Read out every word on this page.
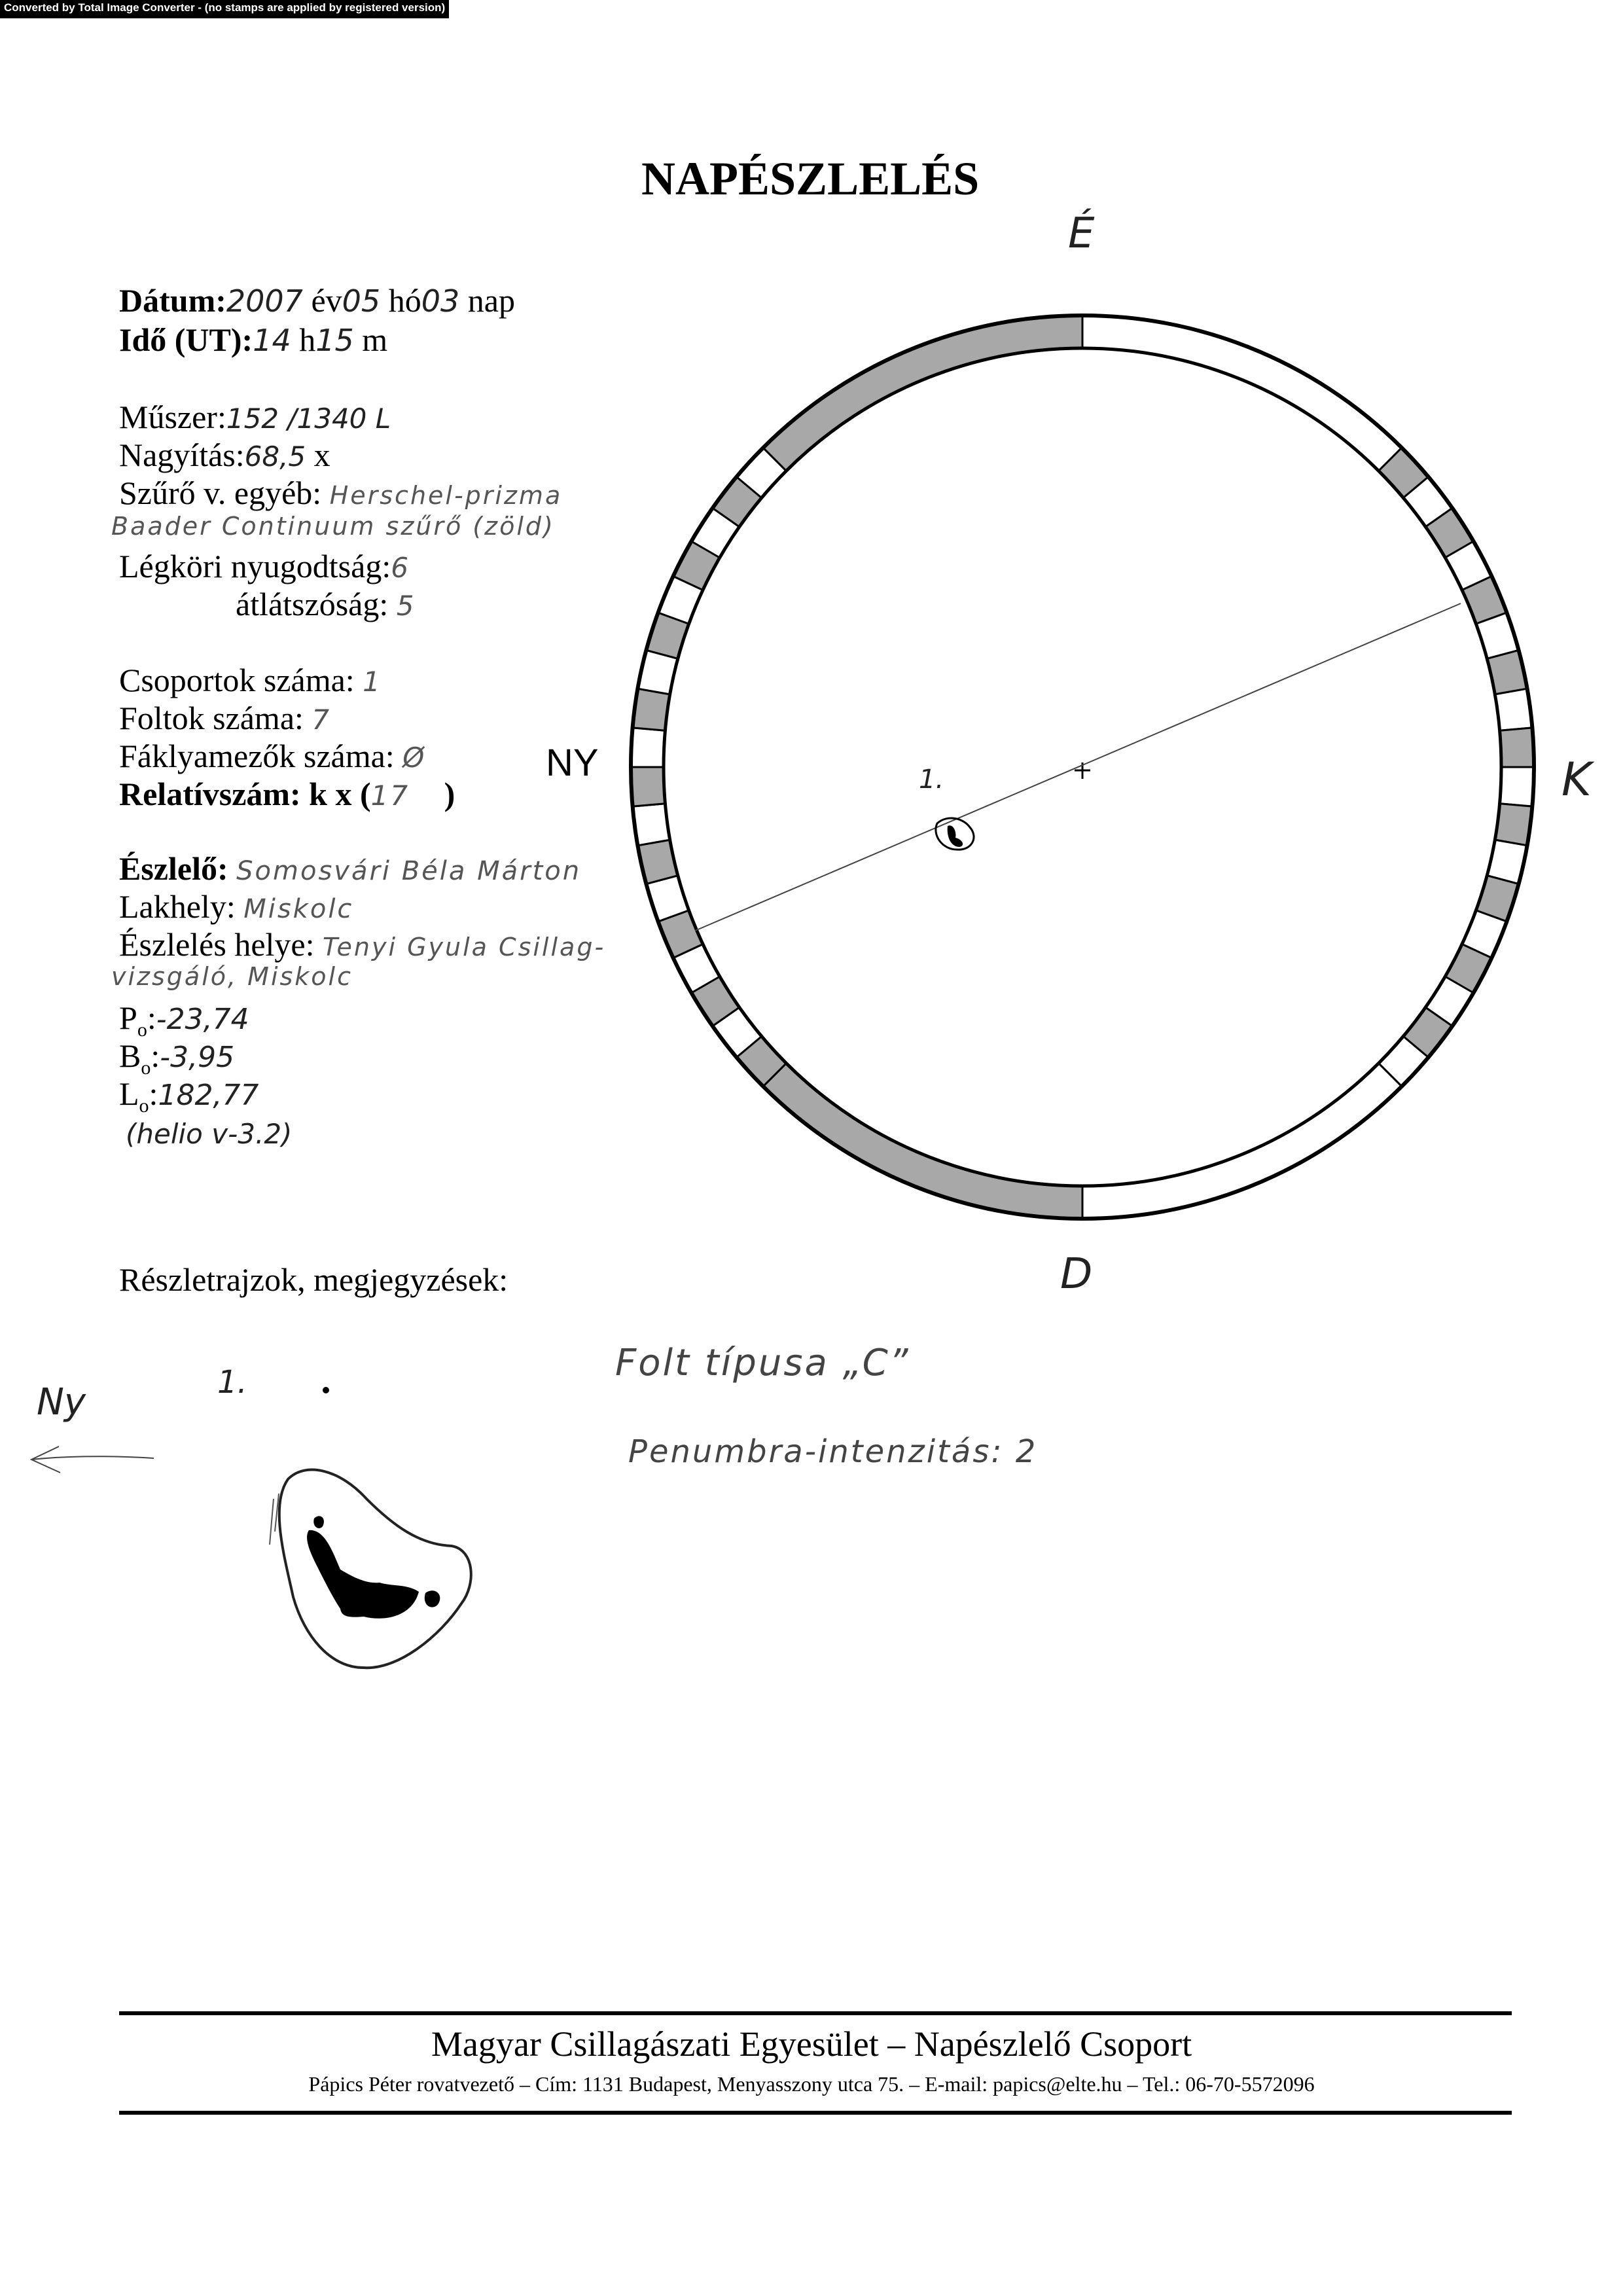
Converted by Total Image Converter - (no stamps are applied by registered version)
NAPÉSZLELÉS
Dátum:2007 év05 hó03 nap
Idő (UT):14 h15 m
Műszer:152 /1340 L
Nagyítás:68,5 x
Szűrő v. egyéb: Herschel-prizma
Baader Continuum szűrő (zöld)
Légköri nyugodtság:6
átlátszóság: 5
Csoportok száma: 1
Foltok száma: 7
Fáklyamezők száma: Ø
Relatívszám: k x (17 )
Észlelő: Somosvári Béla Márton
Lakhely: Miskolc
Észlelés helye: Tenyi Gyula Csillag-
vizsgáló, Miskolc
$P_o:-23,74$
$B_o:-3,95$
$L_o:182,77$
(helio v-3.2)
É
D
K
NY	1.
Részletrajzok, megjegyzések:
Ny	1.	Folt típusa „C”
Penumbra-intenzitás: 2
Magyar Csillagászati Egyesület – Napészlelő Csoport
Pápics Péter rovatvezető – Cím: 1131 Budapest, Menyasszony utca 75. – E-mail: papics@elte.hu – Tel.: 06-70-5572096
